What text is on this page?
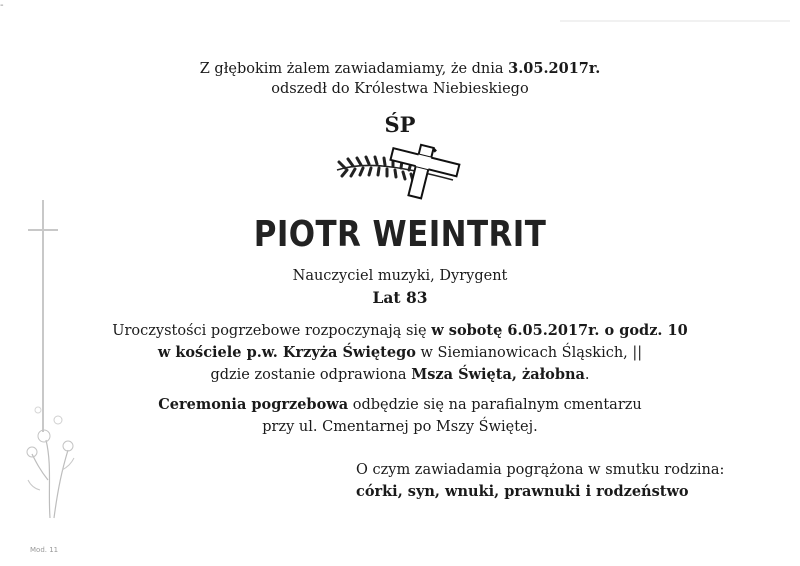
-
Z głębokim żalem zawiadamiamy, że dnia 3.05.2017r.
odszedł do Królestwa Niebieskiego
ŚP
PIOTR WEINTRIT
Nauczyciel muzyki, Dyrygent
Lat 83
Uroczystości pogrzebowe rozpoczynają się w sobotę 6.05.2017r. o godz. 10
w kościele p.w. Krzyża Świętego w Siemianowicach Śląskich, ||
gdzie zostanie odprawiona Msza Święta, żałobna.
Ceremonia pogrzebowa odbędzie się na parafialnym cmentarzu
przy ul. Cmentarnej po Mszy Świętej.
O czym zawiadamia pogrążona w smutku rodzina:
córki, syn, wnuki, prawnuki i rodzeństwo
Mod. 11
